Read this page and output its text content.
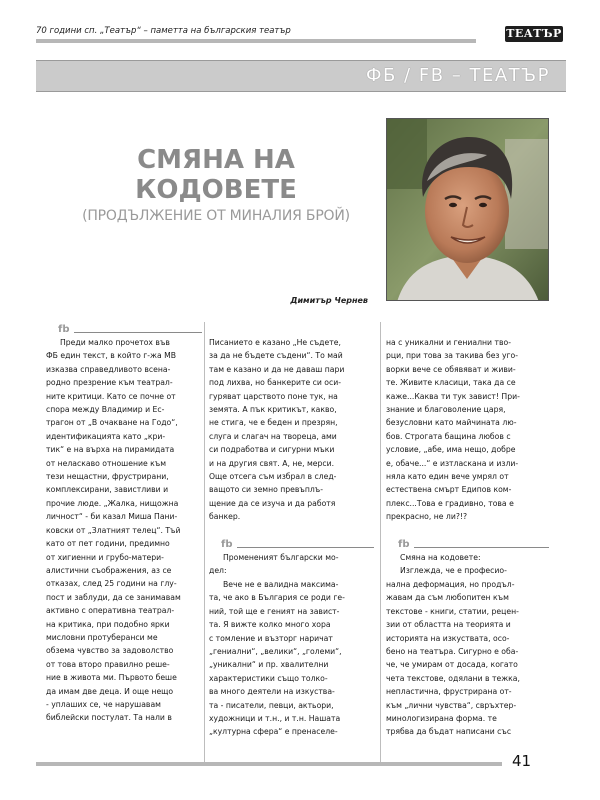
70 години сп. „Театър“ – паметта на българския театър	ТЕАТЪР
ФБ / FB – ТЕАТЪР
СМЯНА НА
КОДОВЕТЕ
(ПРОДЪЛЖЕНИЕ ОТ МИНАЛИЯ БРОЙ)
Димитър Чернев
fb
Преди малко прочетох във
ФБ един текст, в който г-жа МВ
изказва справедливото всена-
родно презрение към театрал-
ните критици. Като се почне от
спора между Владимир и Ес-
трагон от „В очакване на Годо“,
идентификацията като „кри-
тик“ е на върха на пирамидата
от неласкаво отношение към
тези нещастни, фрустрирани,
комплексирани, завистливи и
прочие люде. „Жалка, нищожна
личност“ - би казал Миша Пани-
ковски от „Златният телец“. Тъй
като от пет години, предимно
от хигиенни и грубо-матери-
алистични съображения, аз се
отказах, след 25 години на глу-
пост и заблуди, да се занимавам
активно с оперативна театрал-
на критика, при подобно ярки
мисловни протуберанси ме
обзема чувство за задоволство
от това второ правилно реше-
ние в живота ми. Първото беше
да имам две деца. И още нещо
- уплаших се, че нарушавам
библейски постулат. Та нали в
Писанието е казано „Не съдете,
за да не бъдете съдени“. То май
там е казано и да не даваш пари
под лихва, но банкерите си оси-
гуряват царството поне тук, на
земята. А пък критикът, какво,
не стига, че е беден и презрян,
слуга и слагач на твореца, ами
си подработва и сигурни мъки
и на другия свят. А, не, мерси.
Още отсега съм избрал в след-
ващото си земно превъплъ-
щение да се изуча и да работя
банкер.
fb
Промененият български мо-
дел:
Вече не е валидна максима-
та, че ако в България се роди ге-
ний, той ще е геният на завист-
та. Я вижте колко много хора
с томление и възторг наричат
„гениални“, „велики“, „големи“,
„уникални“ и пр. хвалителни
характеристики също толко-
ва много деятели на изкуства-
та - писатели, певци, актьори,
художници и т.н., и т.н. Нашата
„културна сфера“ е пренаселе-
на с уникални и гениални тво-
рци, при това за такива без уго-
ворки вече се обявяват и живи-
те. Живите класици, така да се
каже...Каква ти тук завист! При-
знание и благоволение царя,
безусловни като майчината лю-
бов. Строгата бащина любов с
условие, „абе, има нещо, добре
е, обаче...“ е изтласкана и изли-
няла като един вече умрял от
естествена смърт Едипов ком-
плекс...Това е градивно, това е
прекрасно, не ли?!?
fb
Смяна на кодовете:
Изглежда, че е професио-
нална деформация, но продъл-
жавам да съм любопитен към
текстове - книги, статии, рецен-
зии от областта на теорията и
историята на изкуствата, осо-
бено на театъра. Сигурно е оба-
че, че умирам от досада, когато
чета текстове, одялани в тежка,
непластична, фрустрирана от-
към „лични чувства“, свръхтер-
минологизирана форма. те
трябва да бъдат написани със
41
